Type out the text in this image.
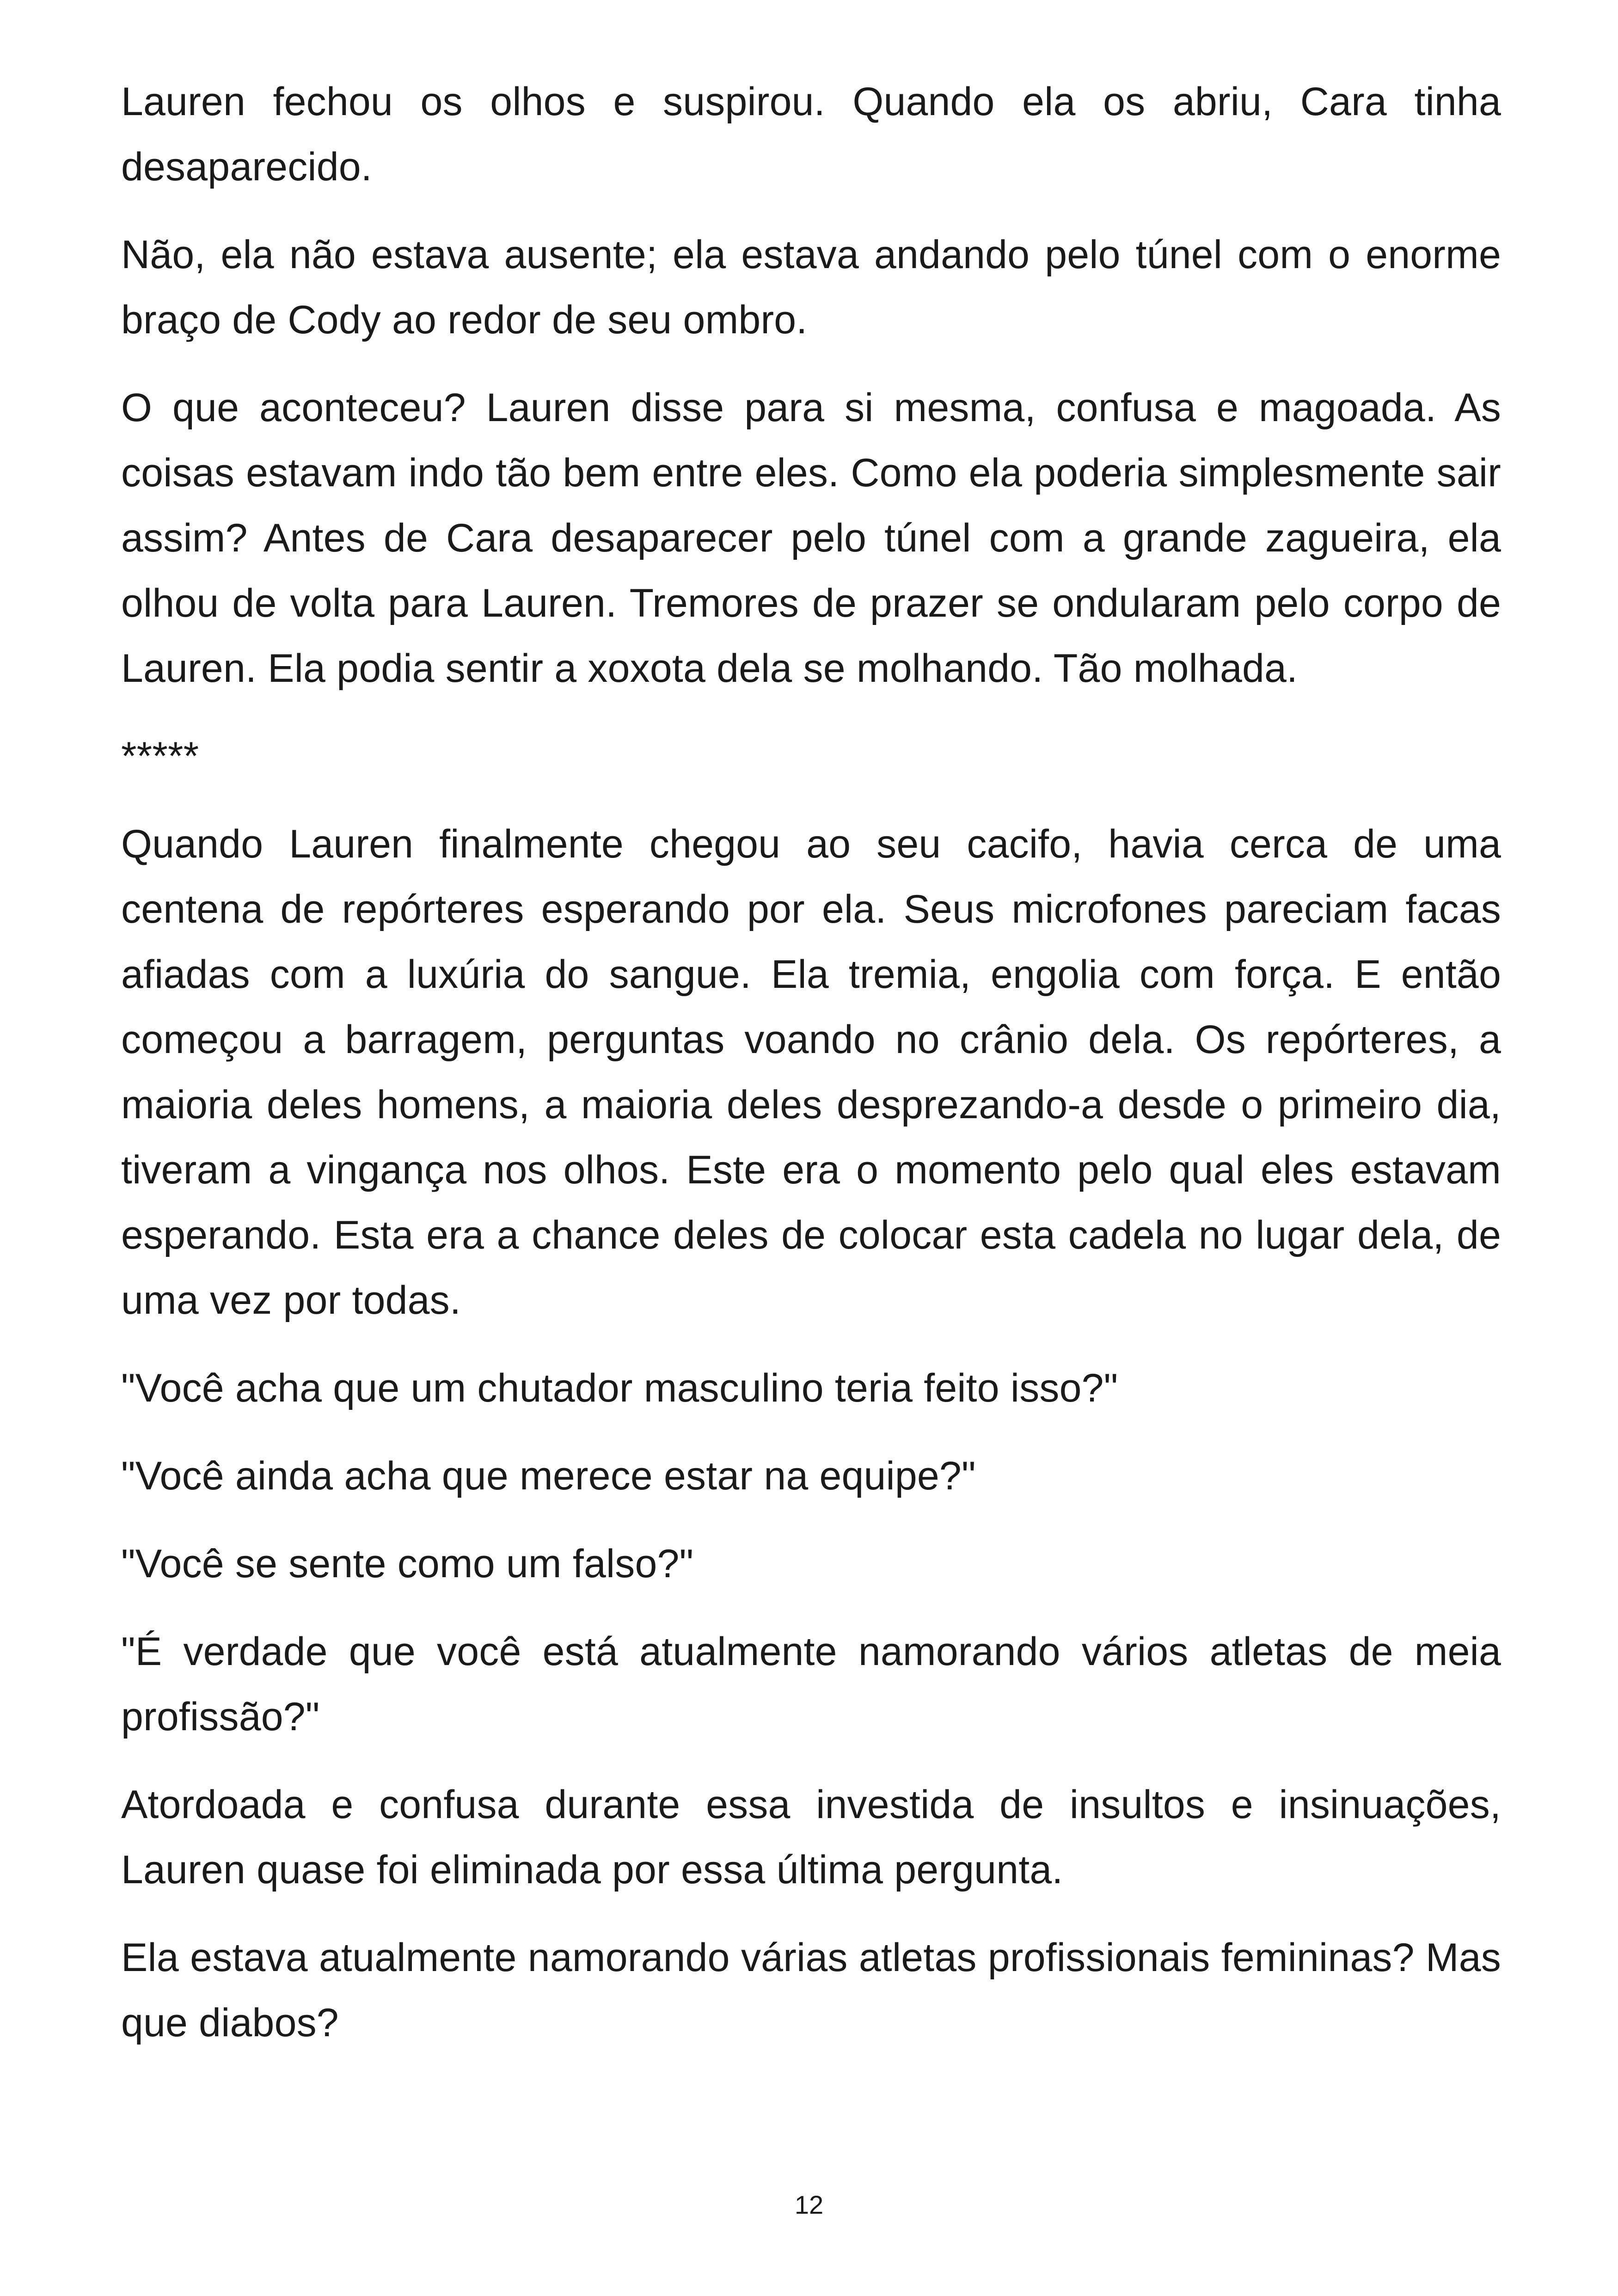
Lauren fechou os olhos e suspirou. Quando ela os abriu, Cara tinha desaparecido.

Não, ela não estava ausente; ela estava andando pelo túnel com o enorme braço de Cody ao redor de seu ombro.

O que aconteceu? Lauren disse para si mesma, confusa e magoada. As coisas estavam indo tão bem entre eles. Como ela poderia simplesmente sair assim? Antes de Cara desaparecer pelo túnel com a grande zagueira, ela olhou de volta para Lauren. Tremores de prazer se ondularam pelo corpo de Lauren. Ela podia sentir a xoxota dela se molhando. Tão molhada.

*****

Quando Lauren finalmente chegou ao seu cacifo, havia cerca de uma centena de repórteres esperando por ela. Seus microfones pareciam facas afiadas com a luxúria do sangue. Ela tremia, engolia com força. E então começou a barragem, perguntas voando no crânio dela. Os repórteres, a maioria deles homens, a maioria deles desprezando-a desde o primeiro dia, tiveram a vingança nos olhos. Este era o momento pelo qual eles estavam esperando. Esta era a chance deles de colocar esta cadela no lugar dela, de uma vez por todas.

"Você acha que um chutador masculino teria feito isso?"

"Você ainda acha que merece estar na equipe?"

"Você se sente como um falso?"

"É verdade que você está atualmente namorando vários atletas de meia profissão?"

Atordoada e confusa durante essa investida de insultos e insinuações, Lauren quase foi eliminada por essa última pergunta.

Ela estava atualmente namorando várias atletas profissionais femininas? Mas que diabos?

12
